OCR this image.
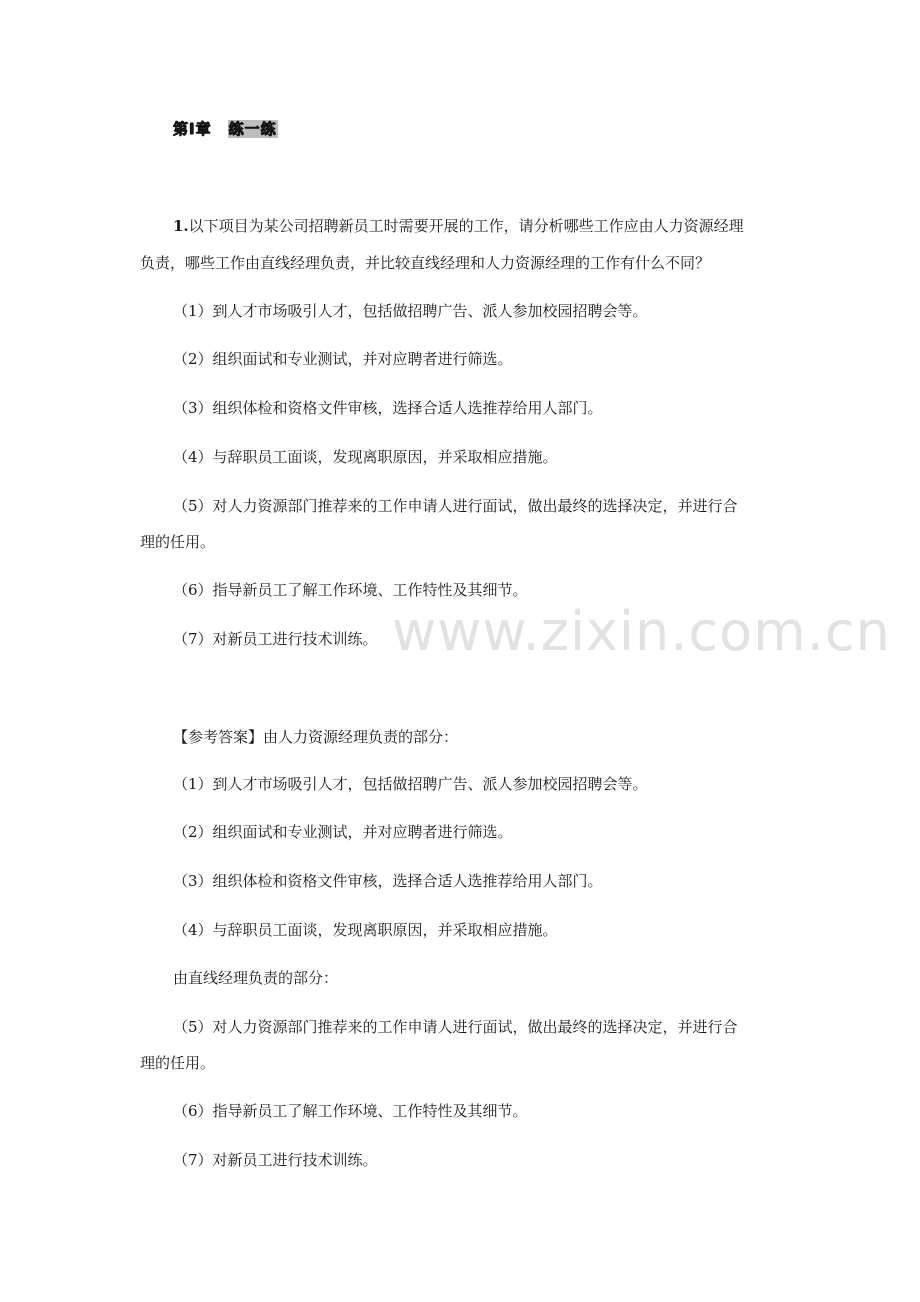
第Ⅰ章 练一练
1.以下项目为某公司招聘新员工时需要开展的工作，请分析哪些工作应由人力资源经理
负责，哪些工作由直线经理负责，并比较直线经理和人力资源经理的工作有什么不同？
（1）到人才市场吸引人才，包括做招聘广告、派人参加校园招聘会等。
（2）组织面试和专业测试，并对应聘者进行筛选。
（3）组织体检和资格文件审核，选择合适人选推荐给用人部门。
（4）与辞职员工面谈，发现离职原因，并采取相应措施。
（5）对人力资源部门推荐来的工作申请人进行面试，做出最终的选择决定，并进行合
理的任用。
（6）指导新员工了解工作环境、工作特性及其细节。
（7）对新员工进行技术训练。
【参考答案】由人力资源经理负责的部分：
（1）到人才市场吸引人才，包括做招聘广告、派人参加校园招聘会等。
（2）组织面试和专业测试，并对应聘者进行筛选。
（3）组织体检和资格文件审核，选择合适人选推荐给用人部门。
（4）与辞职员工面谈，发现离职原因，并采取相应措施。
由直线经理负责的部分：
（5）对人力资源部门推荐来的工作申请人进行面试，做出最终的选择决定，并进行合
理的任用。
（6）指导新员工了解工作环境、工作特性及其细节。
（7）对新员工进行技术训练。
www.zixin.com.cn
